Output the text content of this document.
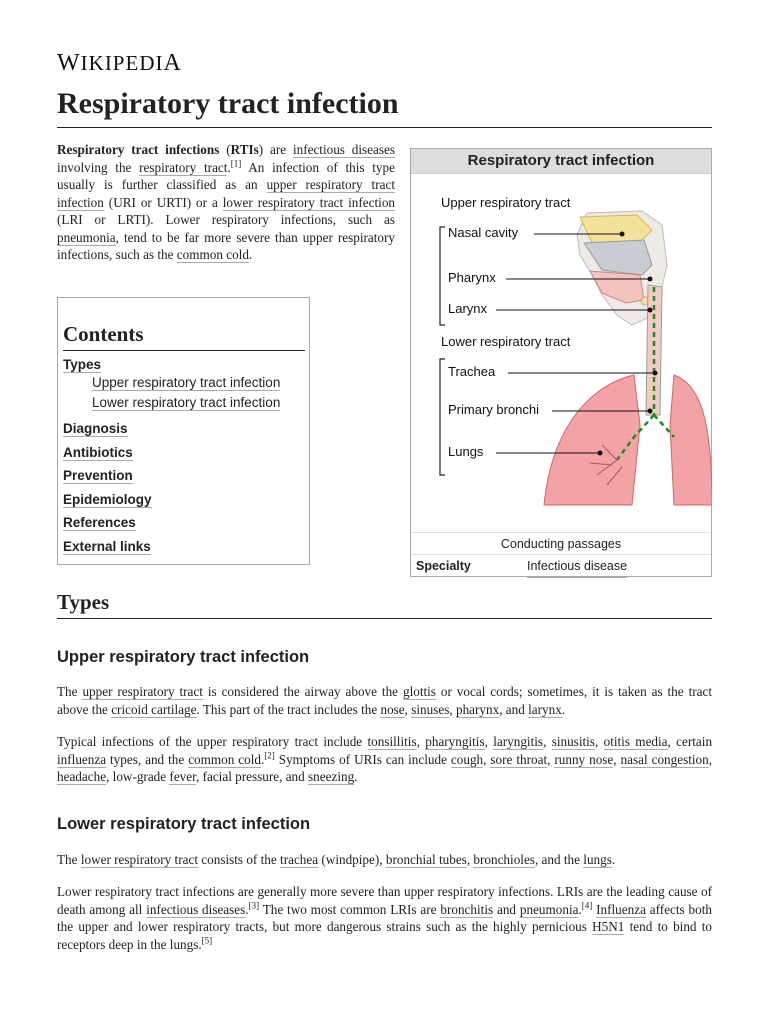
WIKIPEDIA
Respiratory tract infection

Respiratory tract infections (RTIs) are infectious diseases involving the respiratory tract.[1] An infection of this type usually is further classified as an upper respiratory tract infection (URI or URTI) or a lower respiratory tract infection (LRI or LRTI). Lower respiratory infections, such as pneumonia, tend to be far more severe than upper respiratory infections, such as the common cold.

Contents
Types
Upper respiratory tract infection
Lower respiratory tract infection
Diagnosis
Antibiotics
Prevention
Epidemiology
References
External links
Respiratory tract infection
Upper respiratory tract
Nasal cavity
Pharynx
Larynx
Lower respiratory tract
Trachea
Primary bronchi
Lungs
Conducting passages
Specialty	Infectious disease
Types
Upper respiratory tract infection

The upper respiratory tract is considered the airway above the glottis or vocal cords; sometimes, it is taken as the tract above the cricoid cartilage. This part of the tract includes the nose, sinuses, pharynx, and larynx.

Typical infections of the upper respiratory tract include tonsillitis, pharyngitis, laryngitis, sinusitis, otitis media, certain influenza types, and the common cold.[2] Symptoms of URIs can include cough, sore throat, runny nose, nasal congestion, headache, low-grade fever, facial pressure, and sneezing.

Lower respiratory tract infection

The lower respiratory tract consists of the trachea (windpipe), bronchial tubes, bronchioles, and the lungs.

Lower respiratory tract infections are generally more severe than upper respiratory infections. LRIs are the leading cause of death among all infectious diseases.[3] The two most common LRIs are bronchitis and pneumonia.[4] Influenza affects both the upper and lower respiratory tracts, but more dangerous strains such as the highly pernicious H5N1 tend to bind to receptors deep in the lungs.[5]
